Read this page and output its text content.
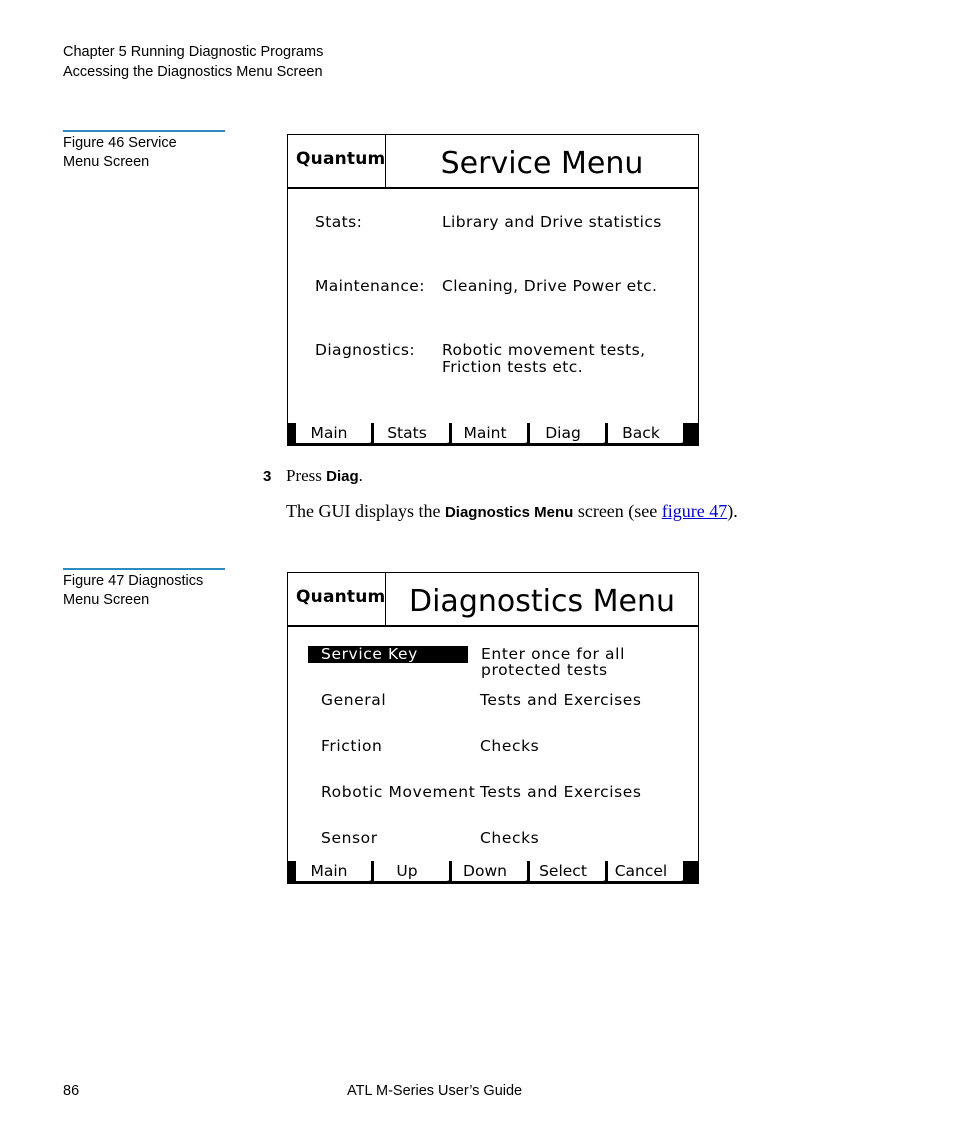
Chapter 5 Running Diagnostic Programs
Accessing the Diagnostics Menu Screen
Figure 46 Service
Menu Screen	Quantum	Service Menu
Stats:	Library and Drive statistics
Maintenance: Cleaning, Drive Power etc.
Diagnostics: Robotic movement tests,
Friction tests etc.
Main	Stats	Maint	Diag	Back
3 Press Diag.
The GUI displays the Diagnostics Menu screen (see figure 47).
Figure 47 Diagnostics
Menu Screen	Quantum Diagnostics Menu
Service Key	Enter once for all
protected tests
General	Tests and Exercises
Friction	Checks
Robotic Movement Tests and Exercises
Sensor	Checks
Main	Up	Down	Select	Cancel
86	ATL M-Series User’s Guide
